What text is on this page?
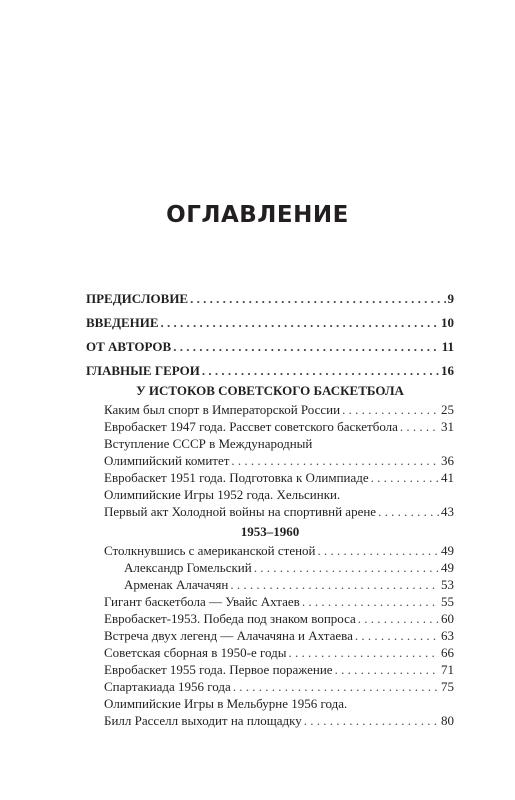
ОГЛАВЛЕНИЕ
ПРЕДИСЛОВИЕ . . .	9
ВВЕДЕНИЕ . . .	10
ОТ АВТОРОВ . . .	11
ГЛАВНЫЕ ГЕРОИ . . .	16
У ИСТОКОВ СОВЕТСКОГО БАСКЕТБОЛА
Каким был спорт в Императорской России . . .	25
Евробаскет 1947 года. Рассвет советского баскетбола . . .	31
Вступление СССР в Международный
Олимпийский комитет . . .	36
Евробаскет 1951 года. Подготовка к Олимпиаде . . .	41
Олимпийские Игры 1952 года. Хельсинки.
Первый акт Холодной войны на спортивнй арене . . .	43
1953–1960
Столкнувшись с американской стеной . . .	49
Александр Гомельский . . .	49
Арменак Алачачян . . .	53
Гигант баскетбола — Увайс Ахтаев . . .	55
Евробаскет-1953. Победа под знаком вопроса . . .	60
Встреча двух легенд — Алачачяна и Ахтаева . . .	63
Советская сборная в 1950-е годы . . .	66
Евробаскет 1955 года. Первое поражение . . .	71
Спартакиада 1956 года . . .	75
Олимпийские Игры в Мельбурне 1956 года.
Билл Расселл выходит на площадку . . .	80
